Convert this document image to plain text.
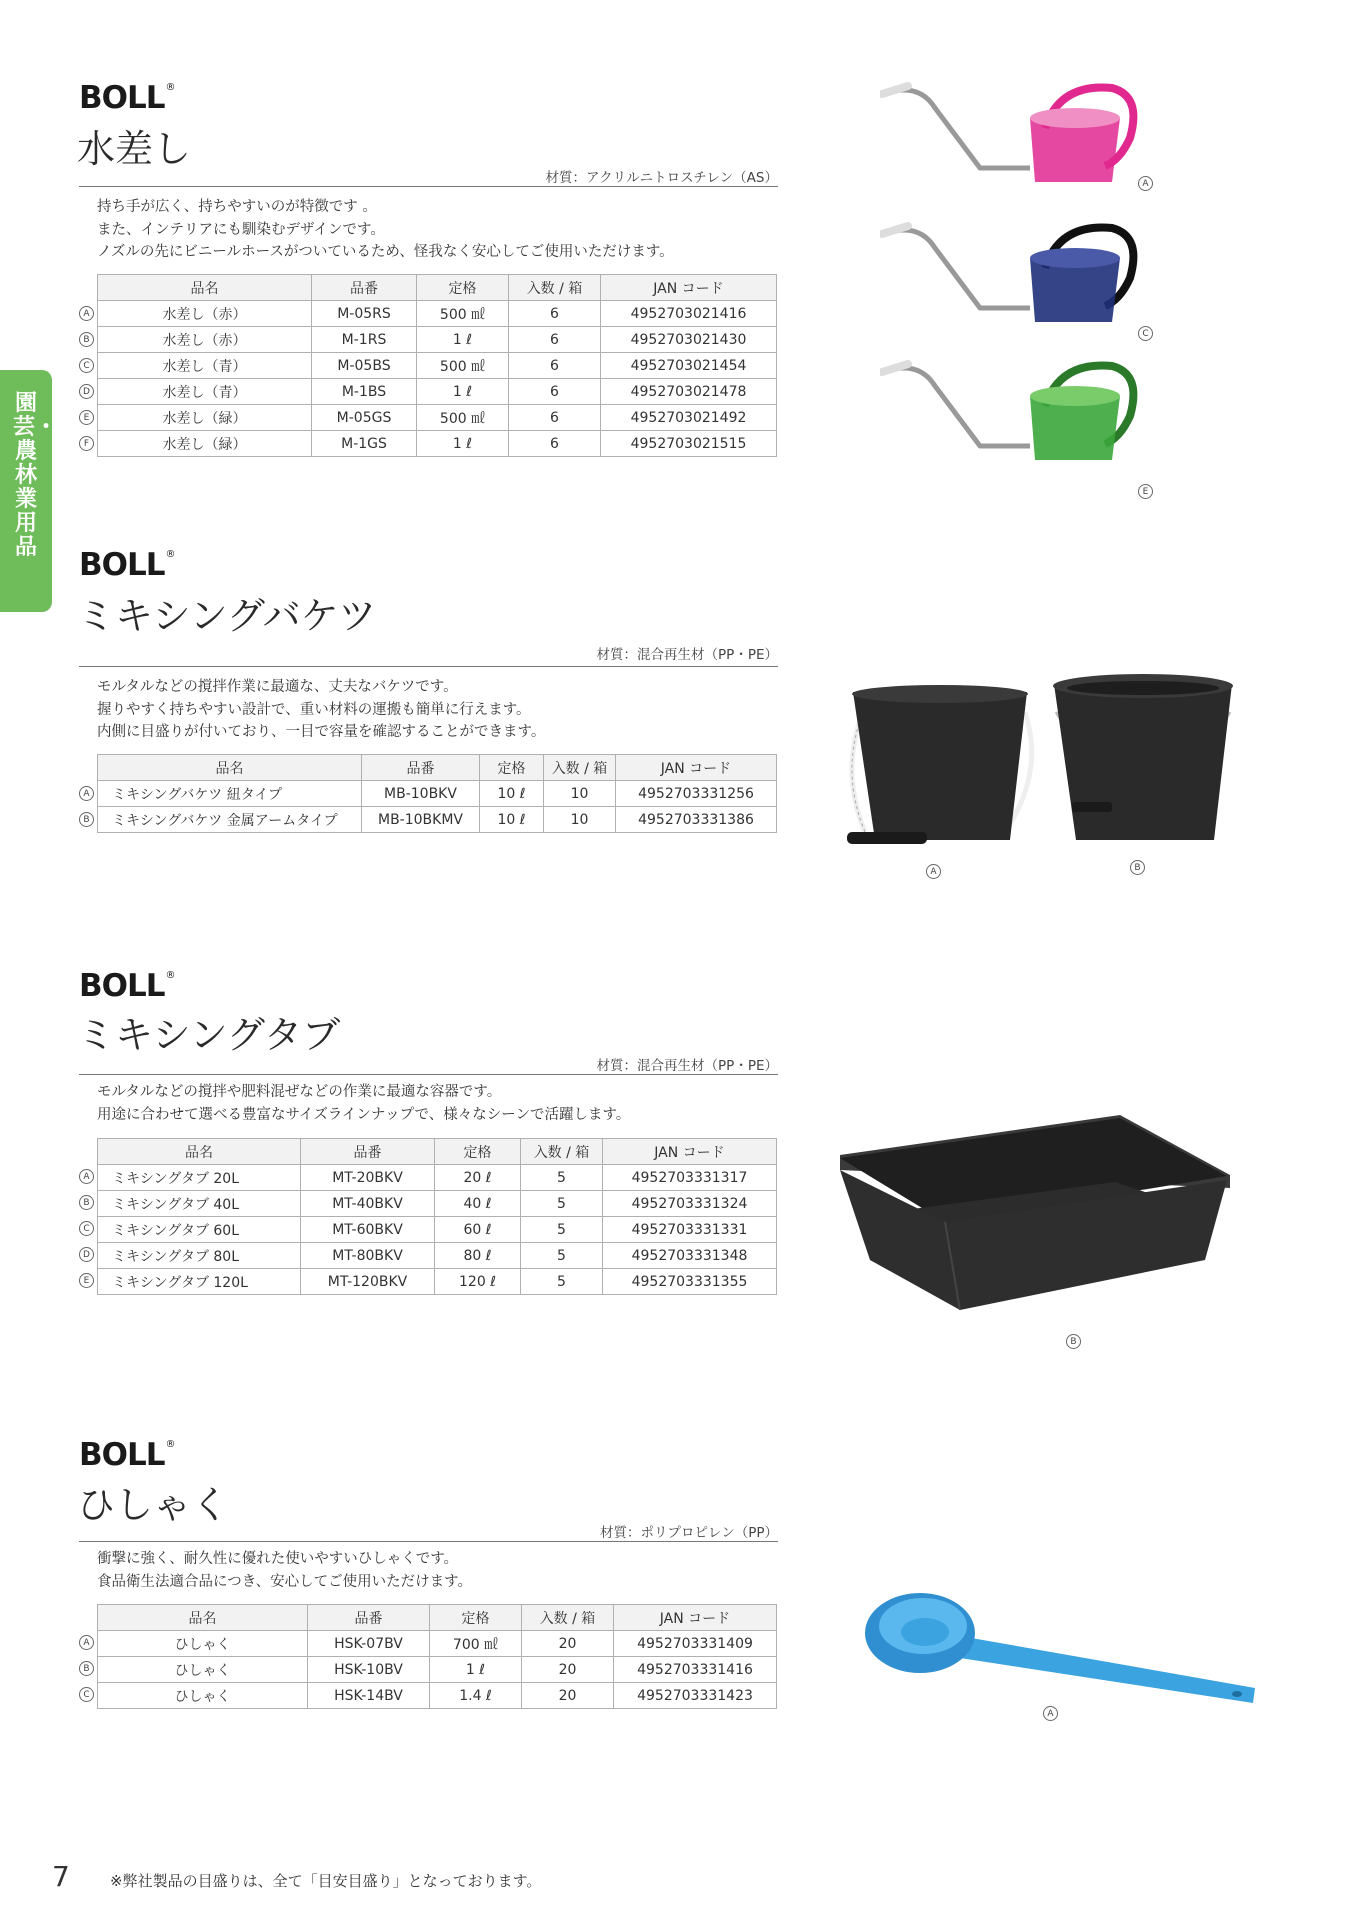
園芸・農林業用品
BOLL®
水差し
材質：アクリルニトロスチレン（AS）
持ち手が広く、持ちやすいのが特徴です 。
また、インテリアにも馴染むデザインです。
ノズルの先にビニールホースがついているため、怪我なく安心してご使用いただけます。
品名	品番	定格	入数 / 箱	JAN コード
水差し（赤）	M-05RS	500 ㎖	6	4952703021416
水差し（赤）	M-1RS	1 ℓ	6	4952703021430
水差し（青）	M-05BS	500 ㎖	6	4952703021454
水差し（青）	M-1BS	1 ℓ	6	4952703021478
水差し（緑）	M-05GS	500 ㎖	6	4952703021492
水差し（緑）	M-1GS	1 ℓ	6	4952703021515
A
B
C
D
E
F
A
C
E
BOLL®
ミキシングバケツ
材質：混合再生材（PP・PE）
モルタルなどの撹拌作業に最適な、丈夫なバケツです。
握りやすく持ちやすい設計で、重い材料の運搬も簡単に行えます。
内側に目盛りが付いており、一目で容量を確認することができます。
品名	品番	定格	入数 / 箱	JAN コード
ミキシングバケツ 紐タイプ	MB-10BKV	10 ℓ	10	4952703331256
ミキシングバケツ 金属アームタイプ	MB-10BKMV	10 ℓ	10	4952703331386
A
B
A	B
BOLL®
ミキシングタブ
材質：混合再生材（PP・PE）
モルタルなどの撹拌や肥料混ぜなどの作業に最適な容器です。
用途に合わせて選べる豊富なサイズラインナップで、様々なシーンで活躍します。
品名	品番	定格	入数 / 箱	JAN コード
ミキシングタブ 20L	MT-20BKV	20 ℓ	5	4952703331317
ミキシングタブ 40L	MT-40BKV	40 ℓ	5	4952703331324
ミキシングタブ 60L	MT-60BKV	60 ℓ	5	4952703331331
ミキシングタブ 80L	MT-80BKV	80 ℓ	5	4952703331348
ミキシングタブ 120L	MT-120BKV	120 ℓ	5	4952703331355
A
B
C
D
E
B
BOLL®
ひしゃく
材質：ポリプロピレン（PP）
衝撃に強く、耐久性に優れた使いやすいひしゃくです。
食品衛生法適合品につき、安心してご使用いただけます。
品名	品番	定格	入数 / 箱	JAN コード
ひしゃく	HSK-07BV	700 ㎖	20	4952703331409
ひしゃく	HSK-10BV	1 ℓ	20	4952703331416
ひしゃく	HSK-14BV	1.4 ℓ	20	4952703331423
A
B
C
A
7	※弊社製品の目盛りは、全て「目安目盛り」となっております。
